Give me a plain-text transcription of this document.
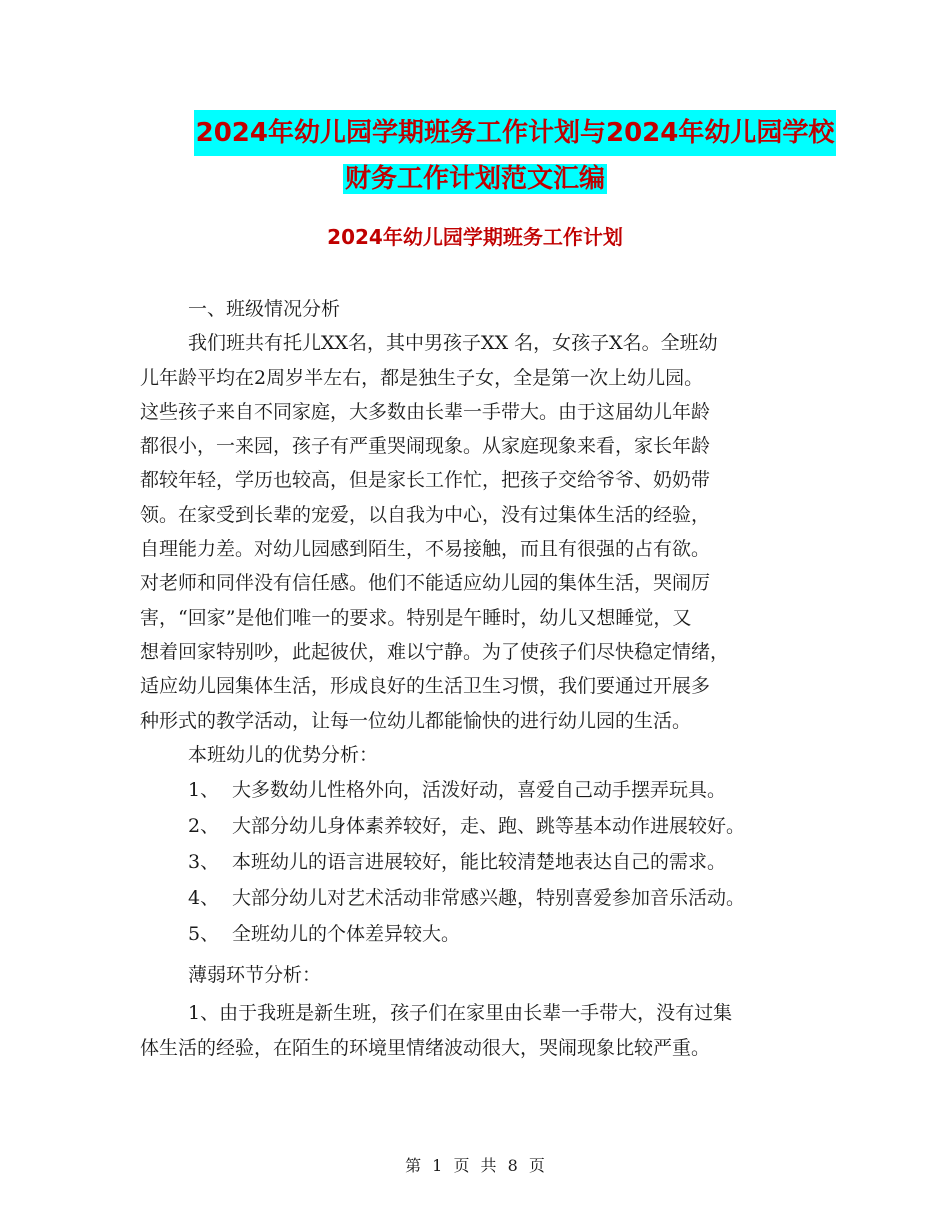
2024年幼儿园学期班务工作计划与2024年幼儿园学校
财务工作计划范文汇编
2024年幼儿园学期班务工作计划

一、班级情况分析

我们班共有托儿XX名，其中男孩子XX 名，女孩子X名。全班幼

儿年龄平均在2周岁半左右，都是独生子女，全是第一次上幼儿园。

这些孩子来自不同家庭，大多数由长辈一手带大。由于这届幼儿年龄

都很小，一来园，孩子有严重哭闹现象。从家庭现象来看，家长年龄

都较年轻，学历也较高，但是家长工作忙，把孩子交给爷爷、奶奶带

领。在家受到长辈的宠爱，以自我为中心，没有过集体生活的经验，

自理能力差。对幼儿园感到陌生，不易接触，而且有很强的占有欲。

对老师和同伴没有信任感。他们不能适应幼儿园的集体生活，哭闹厉

害，“回家”是他们唯一的要求。特别是午睡时，幼儿又想睡觉，又

想着回家特别吵，此起彼伏，难以宁静。为了使孩子们尽快稳定情绪，

适应幼儿园集体生活，形成良好的生活卫生习惯，我们要通过开展多

种形式的教学活动，让每一位幼儿都能愉快的进行幼儿园的生活。

本班幼儿的优势分析：

1、 大多数幼儿性格外向，活泼好动，喜爱自己动手摆弄玩具。

2、 大部分幼儿身体素养较好，走、跑、跳等基本动作进展较好。

3、 本班幼儿的语言进展较好，能比较清楚地表达自己的需求。

4、 大部分幼儿对艺术活动非常感兴趣，特别喜爱参加音乐活动。

5、 全班幼儿的个体差异较大。

薄弱环节分析：

1、由于我班是新生班，孩子们在家里由长辈一手带大，没有过集

体生活的经验，在陌生的环境里情绪波动很大，哭闹现象比较严重。

第 1 页 共 8 页
